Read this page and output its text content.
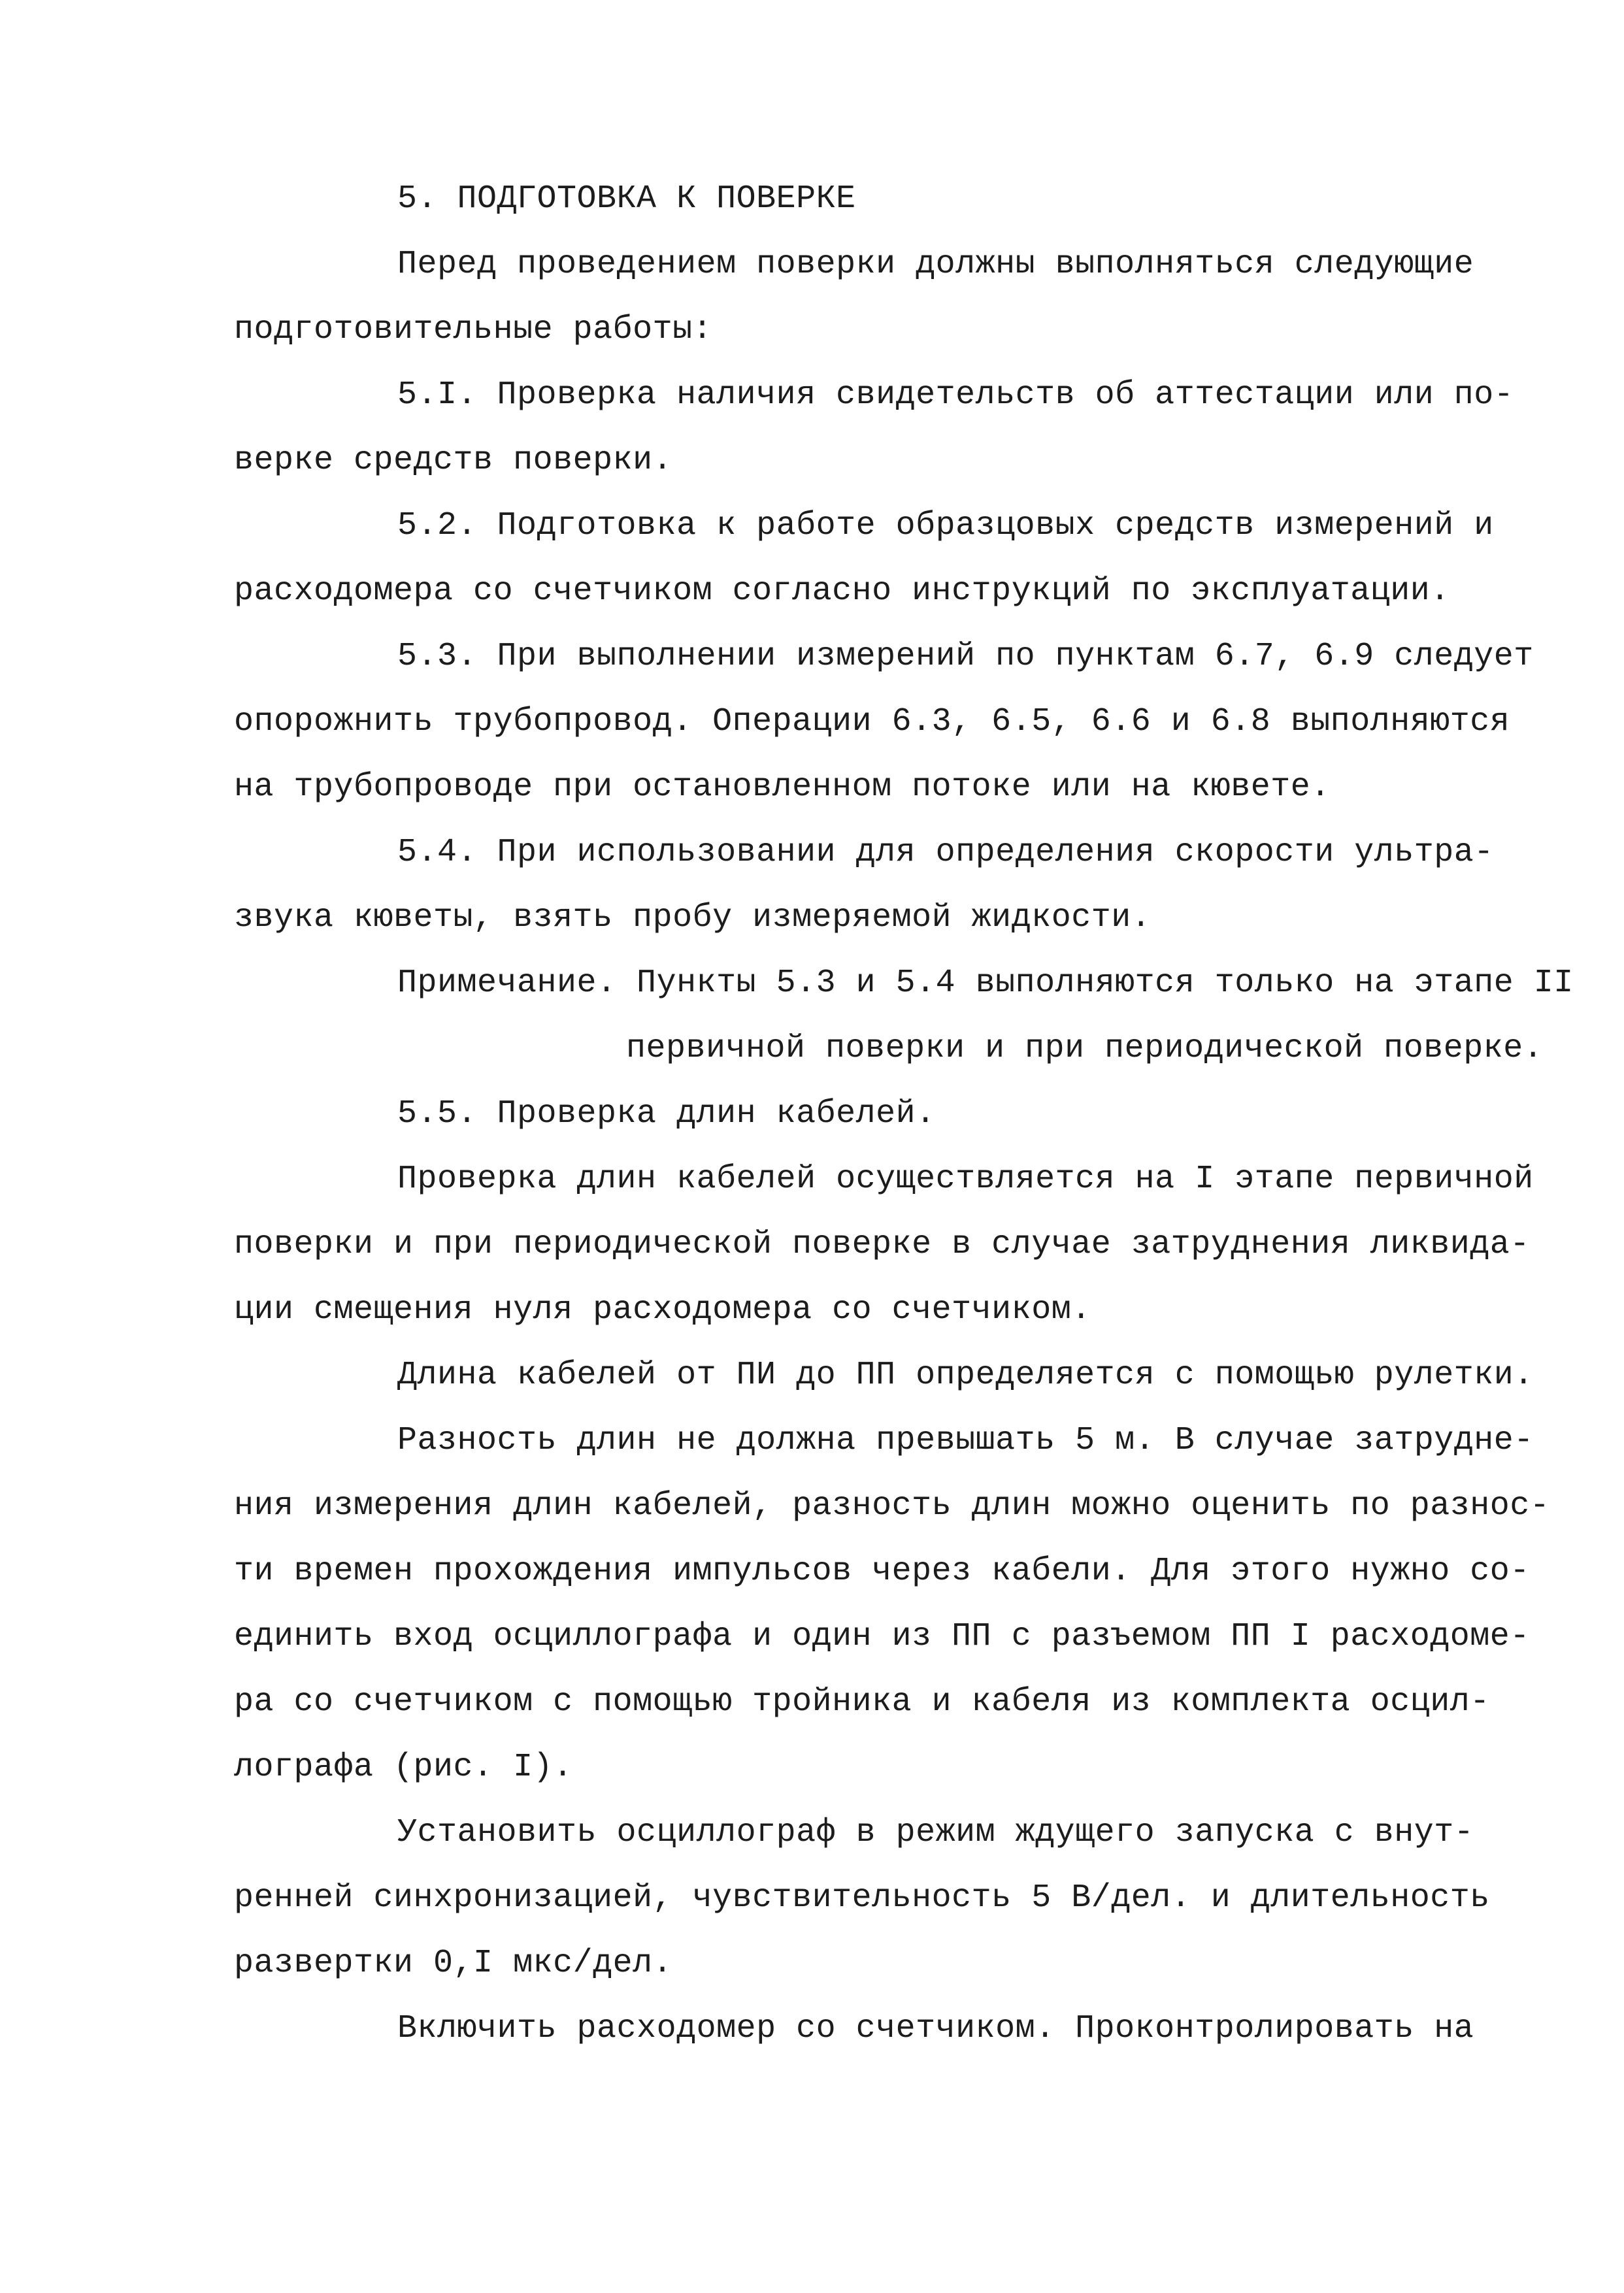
5. ПОДГОТОВКА К ПОВЕРКЕ

Перед проведением поверки должны выполняться следующие

подготовительные работы:

5.I. Проверка наличия свидетельств об аттестации или по-

верке средств поверки.

5.2. Подготовка к работе образцовых средств измерений и

расходомера со счетчиком согласно инструкций по эксплуатации.

5.3. При выполнении измерений по пунктам 6.7, 6.9 следует

опорожнить трубопровод. Операции 6.3, 6.5, 6.6 и 6.8 выполняются

на трубопроводе при остановленном потоке или на кювете.

5.4. При использовании для определения скорости ультра-

звука кюветы, взять пробу измеряемой жидкости.

Примечание. Пункты 5.3 и 5.4 выполняются только на этапе II

первичной поверки и при периодической поверке.

5.5. Проверка длин кабелей.

Проверка длин кабелей осуществляется на I этапе первичной

поверки и при периодической поверке в случае затруднения ликвида-

ции смещения нуля расходомера со счетчиком.

Длина кабелей от ПИ до ПП определяется с помощью рулетки.

Разность длин не должна превышать 5 м. В случае затрудне-

ния измерения длин кабелей, разность длин можно оценить по разнос-

ти времен прохождения импульсов через кабели. Для этого нужно со-

единить вход осциллографа и один из ПП с разъемом ПП I расходоме-

ра со счетчиком с помощью тройника и кабеля из комплекта осцил-

лографа (рис. I).

Установить осциллограф в режим ждущего запуска с внут-

ренней синхронизацией, чувствительность 5 В/дел. и длительность

развертки 0,I мкс/дел.

Включить расходомер со счетчиком. Проконтролировать на
